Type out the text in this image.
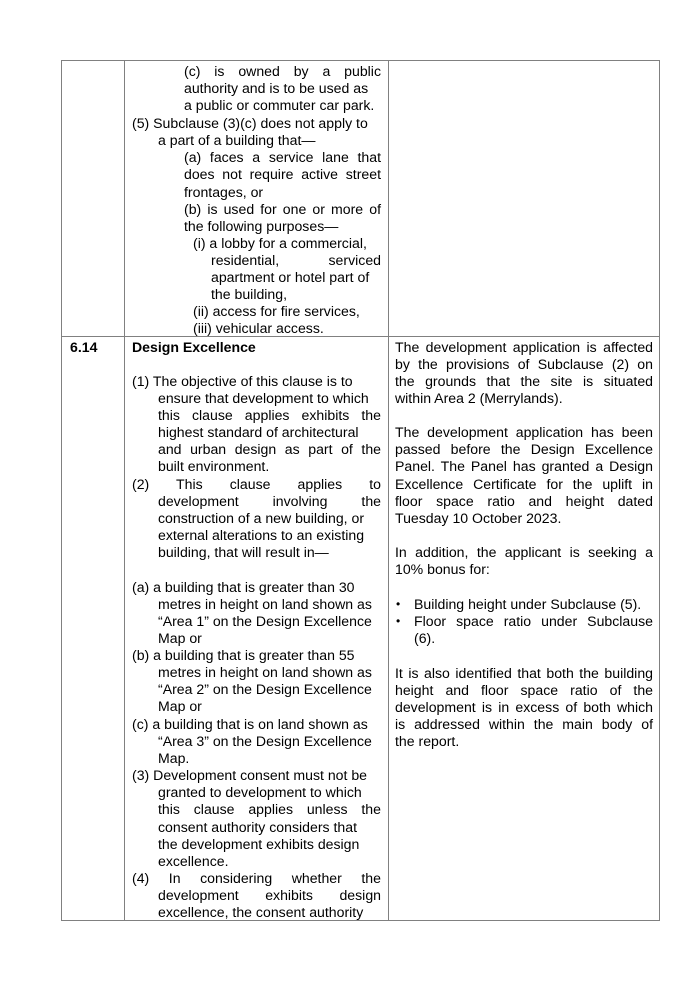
(c) is owned by a public
authority and is to be used as
a public or commuter car park.
(5) Subclause (3)(c) does not apply to
a part of a building that—
(a) faces a service lane that
does not require active street
frontages, or
(b) is used for one or more of
the following purposes—
(i) a lobby for a commercial,
residential, serviced
apartment or hotel part of
the building,
(ii) access for fire services,
(iii) vehicular access.
6.14 Design Excellence
(1) The objective of this clause is to
ensure that development to which
this clause applies exhibits the
highest standard of architectural
and urban design as part of the
built environment.
(2) This clause applies to
development involving the
construction of a new building, or
external alterations to an existing
building, that will result in—
(a) a building that is greater than 30
metres in height on land shown as
“Area 1” on the Design Excellence
Map or
(b) a building that is greater than 55
metres in height on land shown as
“Area 2” on the Design Excellence
Map or
(c) a building that is on land shown as
“Area 3” on the Design Excellence
Map.
(3) Development consent must not be
granted to development to which
this clause applies unless the
consent authority considers that
the development exhibits design
excellence.
(4) In considering whether the
development exhibits design
excellence, the consent authority
The development application is affected
by the provisions of Subclause (2) on
the grounds that the site is situated
within Area 2 (Merrylands).
The development application has been
passed before the Design Excellence
Panel. The Panel has granted a Design
Excellence Certificate for the uplift in
floor space ratio and height dated
Tuesday 10 October 2023.
In addition, the applicant is seeking a
10% bonus for:
• Building height under Subclause (5).
• Floor space ratio under Subclause
(6).
It is also identified that both the building
height and floor space ratio of the
development is in excess of both which
is addressed within the main body of
the report.
